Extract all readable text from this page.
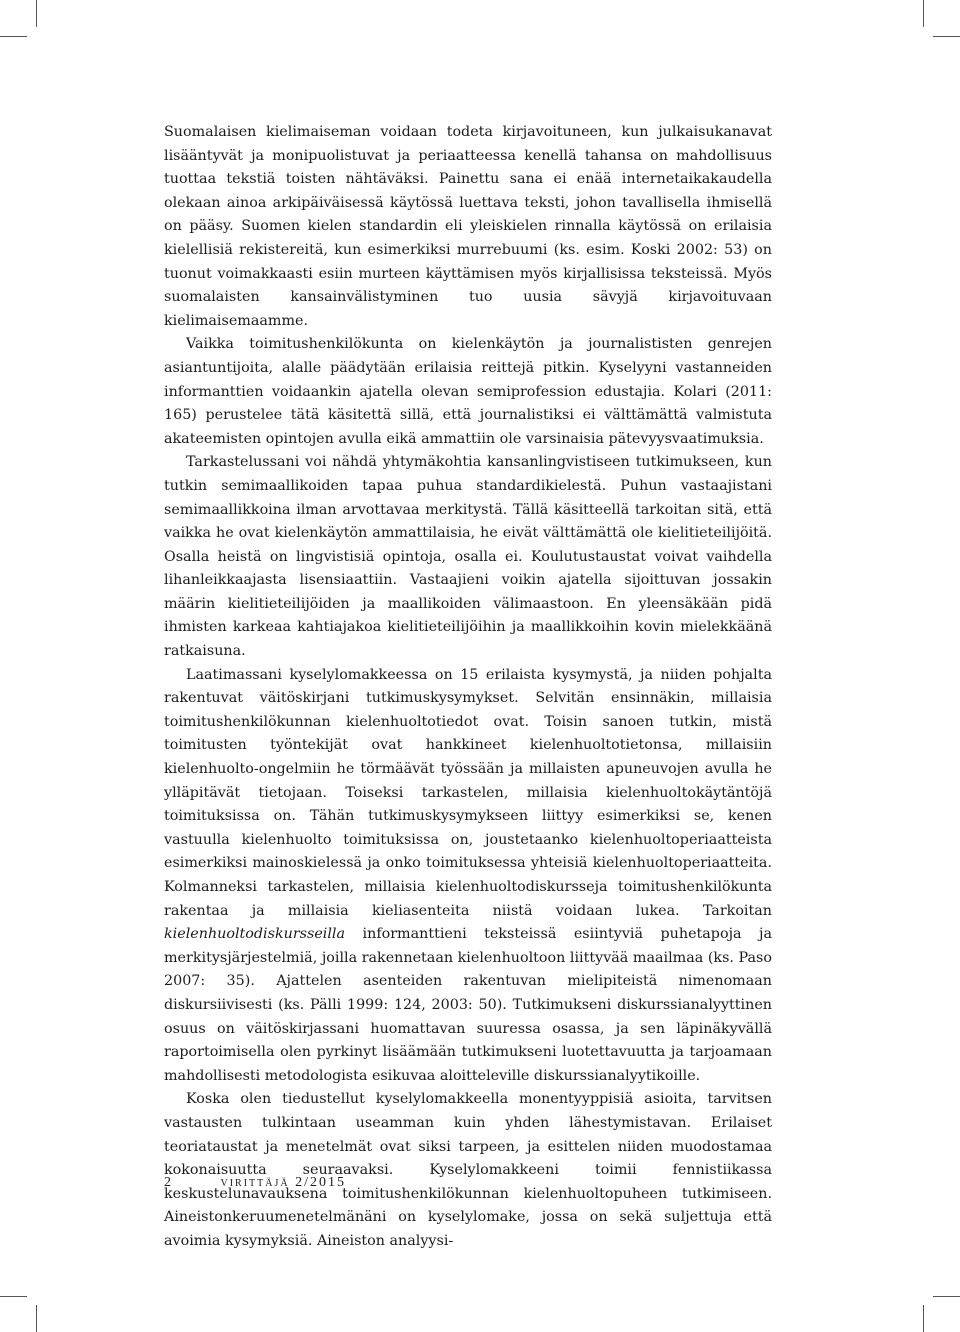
Suomalaisen kielimaiseman voidaan todeta kirjavoituneen, kun julkaisukanavat lisääntyvät ja monipuolistuvat ja periaatteessa kenellä tahansa on mahdollisuus tuottaa tekstiä toisten nähtäväksi. Painettu sana ei enää internetaikakaudella olekaan ainoa arkipäiväisessä käytössä luettava teksti, johon tavallisella ihmisellä on pääsy. Suomen kielen standardin eli yleiskielen rinnalla käytössä on erilaisia kielellisiä rekistereitä, kun esimerkiksi murrebuumi (ks. esim. Koski 2002: 53) on tuonut voimakkaasti esiin murteen käyttämisen myös kirjallisissa teksteissä. Myös suomalaisten kansainvälistyminen tuo uusia sävyjä kirjavoituvaan kielimaisemaamme.

Vaikka toimitushenkilökunta on kielenkäytön ja journalististen genrejen asiantuntijoita, alalle päädytään erilaisia reittejä pitkin. Kyselyyni vastanneiden informanttien voidaankin ajatella olevan semiprofession edustajia. Kolari (2011: 165) perustelee tätä käsitettä sillä, että journalistiksi ei välttämättä valmistuta akateemisten opintojen avulla eikä ammattiin ole varsinaisia pätevyysvaatimuksia.

Tarkastelussani voi nähdä yhtymäkohtia kansanlingvistiseen tutkimukseen, kun tutkin semimaallikoiden tapaa puhua standardikielestä. Puhun vastaajistani semimaallikkoina ilman arvottavaa merkitystä. Tällä käsitteellä tarkoitan sitä, että vaikka he ovat kielenkäytön ammattilaisia, he eivät välttämättä ole kielitieteilijöitä. Osalla heistä on lingvistisiä opintoja, osalla ei. Koulutustaustat voivat vaihdella lihanleikkaajasta lisensiaattiin. Vastaajieni voikin ajatella sijoittuvan jossakin määrin kielitieteilijöiden ja maallikoiden välimaastoon. En yleensäkään pidä ihmisten karkeaa kahtiajakoa kielitieteilijöihin ja maallikkoihin kovin mielekkäänä ratkaisuna.

Laatimassani kyselylomakkeessa on 15 erilaista kysymystä, ja niiden pohjalta rakentuvat väitöskirjani tutkimuskysymykset. Selvitän ensinnäkin, millaisia toimitushenkilökunnan kielenhuoltotiedot ovat. Toisin sanoen tutkin, mistä toimitusten työntekijät ovat hankkineet kielenhuoltotietonsa, millaisiin kielenhuolto-ongelmiin he törmäävät työssään ja millaisten apuneuvojen avulla he ylläpitävät tietojaan. Toiseksi tarkastelen, millaisia kielenhuoltokäytäntöjä toimituksissa on. Tähän tutkimuskysymykseen liittyy esimerkiksi se, kenen vastuulla kielenhuolto toimituksissa on, joustetaanko kielenhuoltoperiaatteista esimerkiksi mainoskielessä ja onko toimituksessa yhteisiä kielenhuoltoperiaatteita. Kolmanneksi tarkastelen, millaisia kielenhuoltodiskursseja toimitushenkilökunta rakentaa ja millaisia kieliasenteita niistä voidaan lukea. Tarkoitan kielenhuoltodiskursseilla informanttieni teksteissä esiintyviä puhetapoja ja merkitysjärjestelmiä, joilla rakennetaan kielenhuoltoon liittyvää maailmaa (ks. Paso 2007: 35). Ajattelen asenteiden rakentuvan mielipiteistä nimenomaan diskursiivisesti (ks. Pälli 1999: 124, 2003: 50). Tutkimukseni diskurssianalyyttinen osuus on väitöskirjassani huomattavan suuressa osassa, ja sen läpinäkyvällä raportoimisella olen pyrkinyt lisäämään tutkimukseni luotettavuutta ja tarjoamaan mahdollisesti metodologista esikuvaa aloitteleville diskurssianalyytikoille.

Koska olen tiedustellut kyselylomakkeella monentyyppisiä asioita, tarvitsen vastausten tulkintaan useamman kuin yhden lähestymistavan. Erilaiset teoriataustat ja menetelmät ovat siksi tarpeen, ja esittelen niiden muodostamaa kokonaisuutta seuraavaksi. Kyselylomakkeeni toimii fennistiikassa keskustelunavauksena toimitushenkilökunnan kielenhuoltopuheen tutkimiseen. Aineistonkeruumenetelmänäni on kyselylomake, jossa on sekä suljettuja että avoimia kysymyksiä. Aineiston analyysi-

2	virittäjä 2/2015
